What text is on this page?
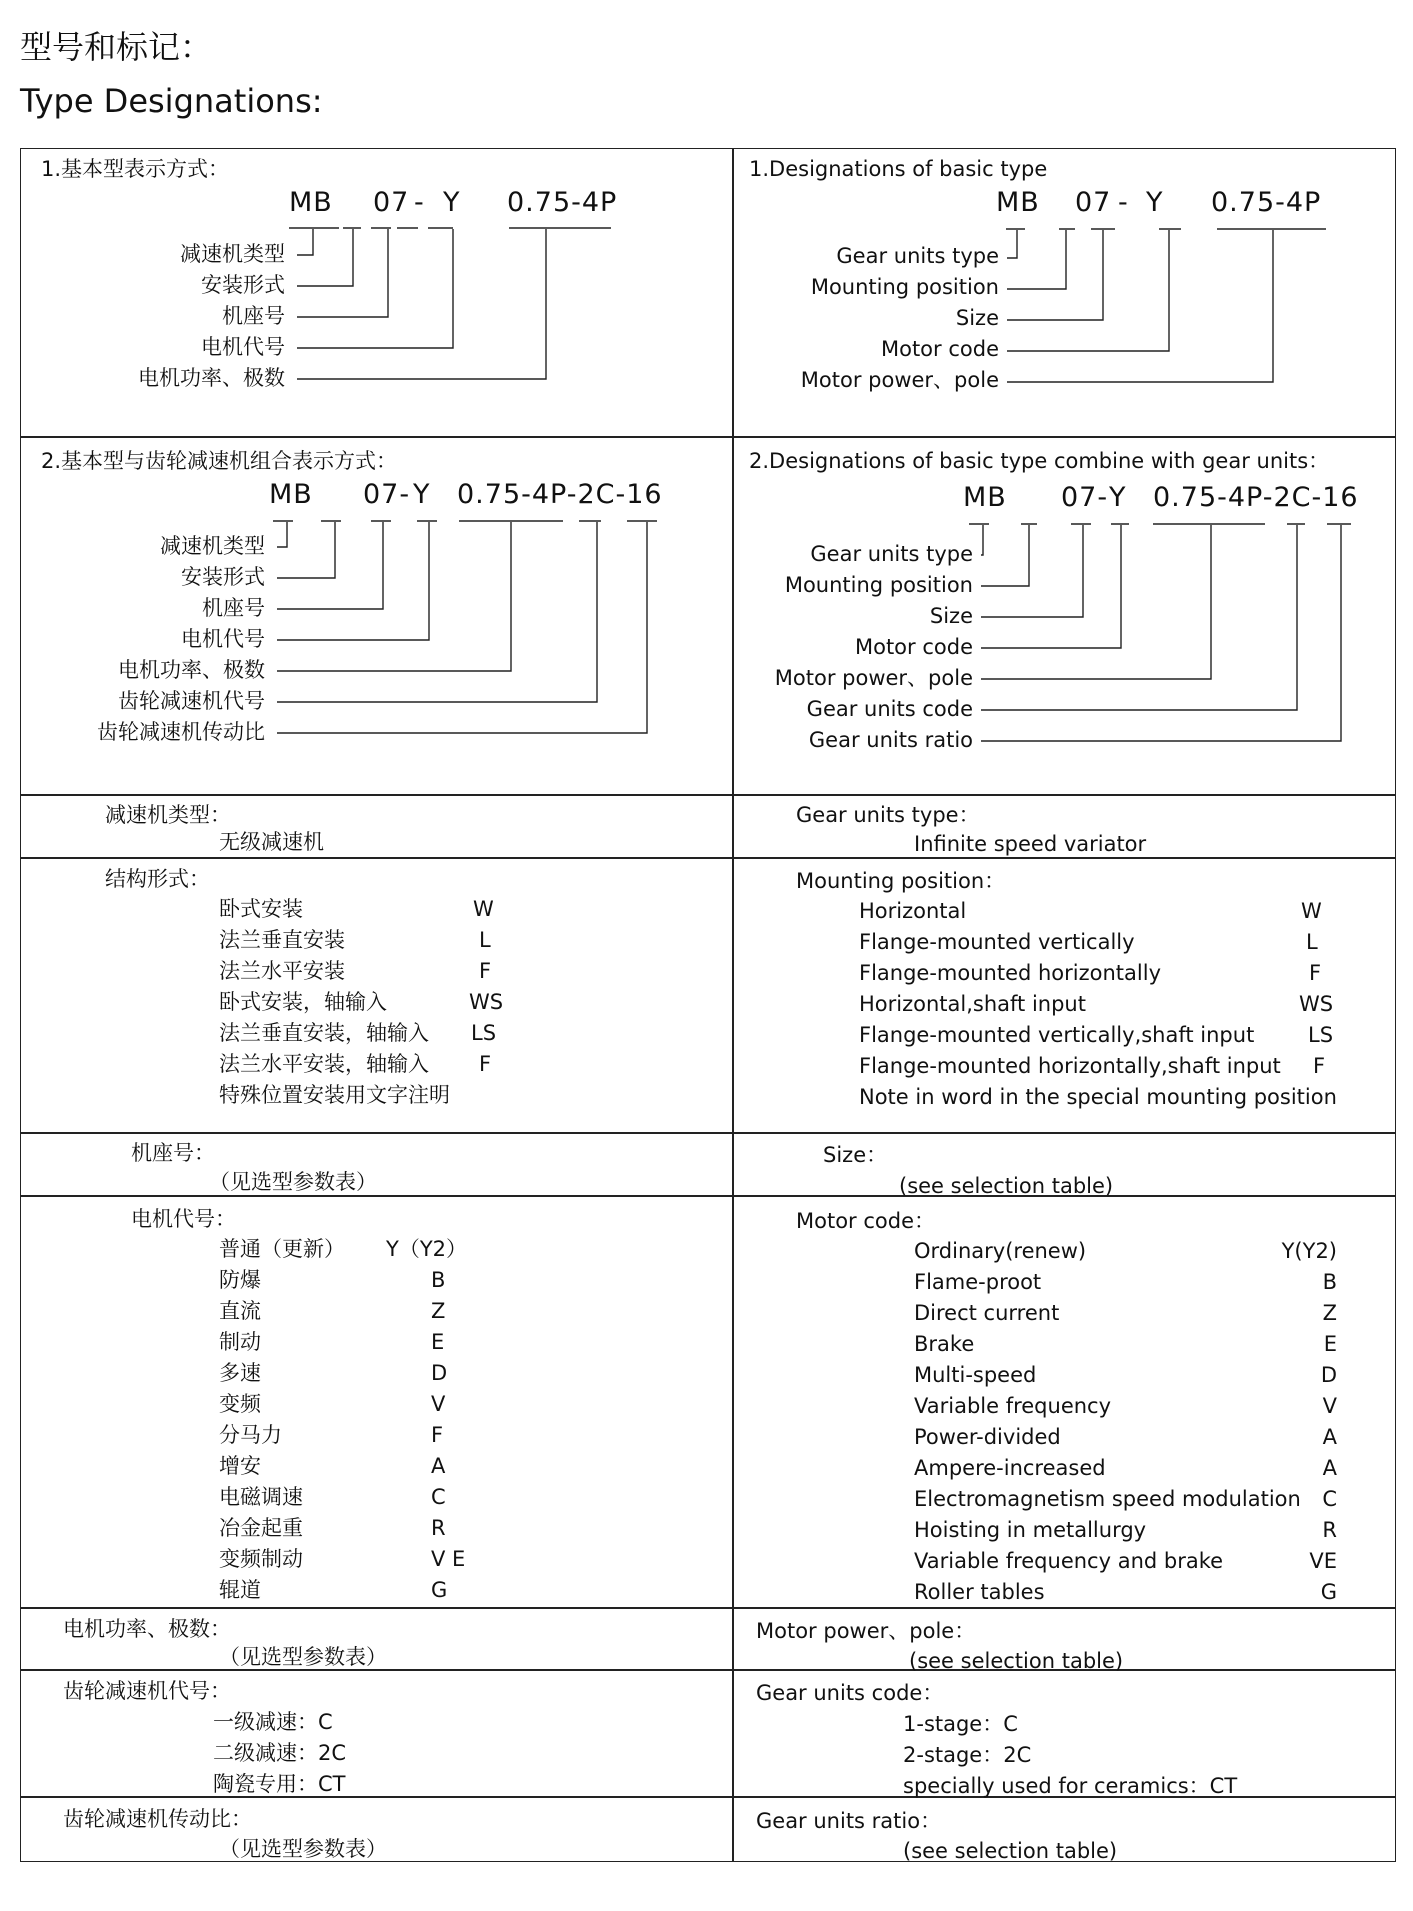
型号和标记：
Type Designations:
1.基本型表示方式：
MB 07 - Y 0.75-4P
减速机类型
安装形式
机座号
电机代号
电机功率、极数
1.Designations of basic type
MB 07 - Y 0.75-4P
Gear units type
Mounting position
Size
Motor code
Motor power、pole
2.基本型与齿轮减速机组合表示方式：
MB 07- Y 0.75-4P-2C-16
减速机类型
安装形式
机座号
电机代号
电机功率、极数
齿轮减速机代号
齿轮减速机传动比
2.Designations of basic type combine with gear units：
MB 07- Y 0.75-4P-2C-16
Gear units type
Mounting position
Size
Motor code
Motor power、pole
Gear units code
Gear units ratio
减速机类型：
无级减速机
Gear units type：
Infinite speed variator
结构形式：	Mounting position：
卧式安装	W
法兰垂直安装	L
法兰水平安装	F
卧式安装，轴输入	WS
法兰垂直安装，轴输入 LS
法兰水平安装，轴输入 F
特殊位置安装用文字注明
Horizontal	W
Flange-mounted vertically	L
Flange-mounted horizontally	F
Horizontal,shaft input	WS
Flange-mounted vertically,shaft input	LS
Flange-mounted horizontally,shaft input F
Note in word in the special mounting position
机座号：
（见选型参数表）
Size：
(see selection table)
电机代号：	Motor code：
普通（更新） Y（Y2）
防爆	B
直流	Z
制动	E
多速	D
变频	V
分马力	F
增安	A
电磁调速	C
冶金起重	R
变频制动	V E
辊道	G
Ordinary(renew)	Y(Y2)
Flame-proot	B
Direct current	Z
Brake	E
Multi-speed	D
Variable frequency	V
Power-divided	A
Ampere-increased	A
Electromagnetism speed modulation C
Hoisting in metallurgy	R
Variable frequency and brake	VE
Roller tables	G
电机功率、极数：
（见选型参数表）
Motor power、pole：
(see selection table)
齿轮减速机代号：
一级减速：C
二级减速：2C
陶瓷专用：CT
Gear units code：
1-stage：C
2-stage：2C
specially used for ceramics：CT
齿轮减速机传动比：
（见选型参数表）
Gear units ratio：
(see selection table)
